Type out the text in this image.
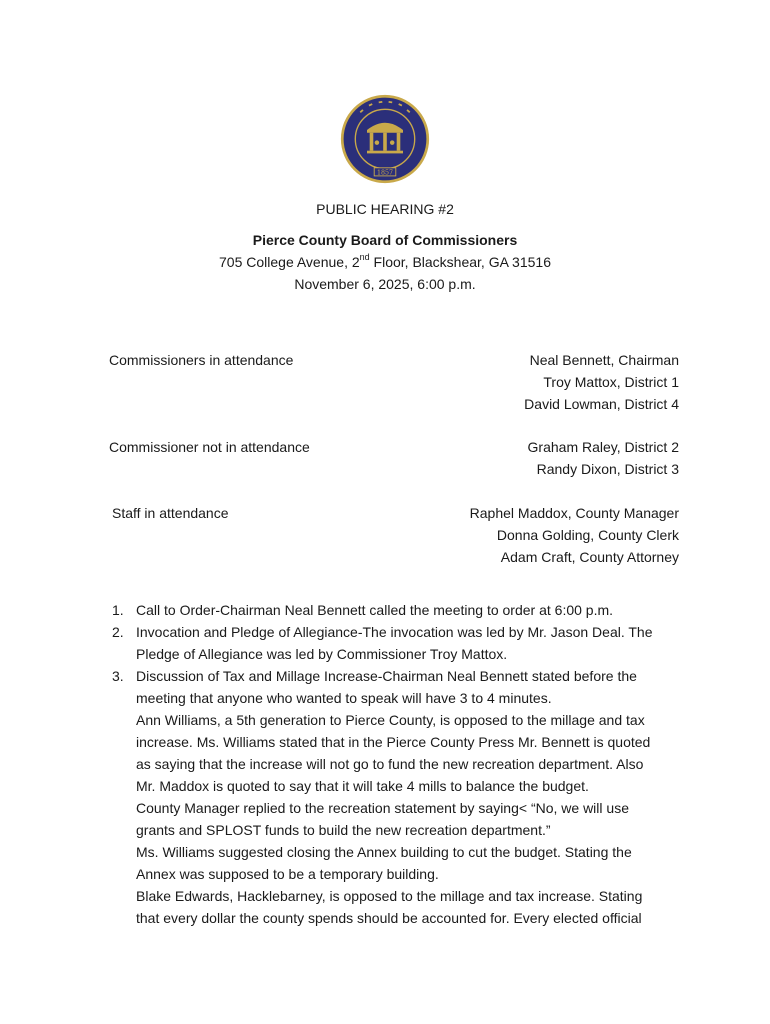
1857
PUBLIC HEARING #2
Pierce County Board of Commissioners
705 College Avenue, 2nd Floor, Blackshear, GA 31516
November 6, 2025, 6:00 p.m.
Commissioners in attendance	Neal Bennett, Chairman
Troy Mattox, District 1
David Lowman, District 4
Commissioner not in attendance	Graham Raley, District 2
Randy Dixon, District 3
Staff in attendance	Raphel Maddox, County Manager
Donna Golding, County Clerk
Adam Craft, County Attorney
1. Call to Order-Chairman Neal Bennett called the meeting to order at 6:00 p.m.

2. Invocation and Pledge of Allegiance-The invocation was led by Mr. Jason Deal. The

Pledge of Allegiance was led by Commissioner Troy Mattox.

3. Discussion of Tax and Millage Increase-Chairman Neal Bennett stated before the

meeting that anyone who wanted to speak will have 3 to 4 minutes.

Ann Williams, a 5th generation to Pierce County, is opposed to the millage and tax

increase. Ms. Williams stated that in the Pierce County Press Mr. Bennett is quoted

as saying that the increase will not go to fund the new recreation department. Also

Mr. Maddox is quoted to say that it will take 4 mills to balance the budget.

County Manager replied to the recreation statement by saying< “No, we will use

grants and SPLOST funds to build the new recreation department.”

Ms. Williams suggested closing the Annex building to cut the budget. Stating the

Annex was supposed to be a temporary building.

Blake Edwards, Hacklebarney, is opposed to the millage and tax increase. Stating

that every dollar the county spends should be accounted for. Every elected official
